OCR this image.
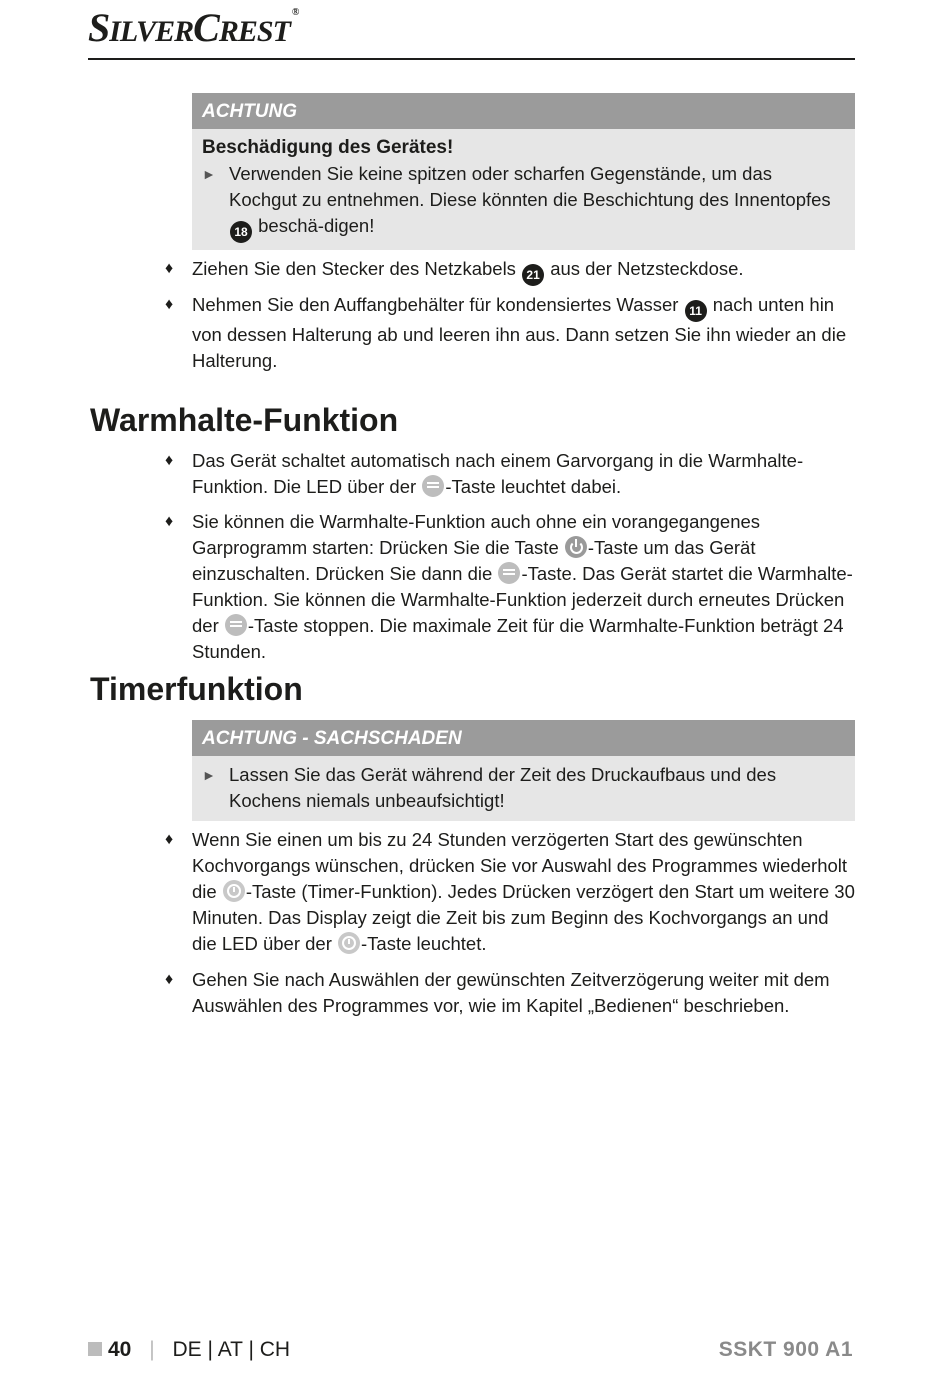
SILVERCREST®
ACHTUNG
Beschädigung des Gerätes!
► Verwenden Sie keine spitzen oder scharfen Gegenstände, um das Kochgut zu entnehmen. Diese könnten die Beschichtung des Innentopfes 18 beschä-digen!
♦	Ziehen Sie den Stecker des Netzkabels 21 aus der Netzsteckdose.
♦	Nehmen Sie den Auffangbehälter für kondensiertes Wasser 11 nach unten hin von dessen Halterung ab und leeren ihn aus. Dann setzen Sie ihn wieder an die Halterung.
Warmhalte-Funktion
♦	Das Gerät schaltet automatisch nach einem Garvorgang in die Warmhalte-Funktion. Die LED über der -Taste leuchtet dabei.
♦	Sie können die Warmhalte-Funktion auch ohne ein vorangegangenes Garprogramm starten: Drücken Sie die Taste -Taste um das Gerät einzuschalten. Drücken Sie dann die -Taste. Das Gerät startet die Warmhalte-Funktion. Sie können die Warmhalte-Funktion jederzeit durch erneutes Drücken der -Taste stoppen. Die maximale Zeit für die Warmhalte-Funktion beträgt 24 Stunden.
Timerfunktion
ACHTUNG - SACHSCHADEN
► Lassen Sie das Gerät während der Zeit des Druckaufbaus und des Kochens niemals unbeaufsichtigt!
♦	Wenn Sie einen um bis zu 24 Stunden verzögerten Start des gewünschten Kochvorgangs wünschen, drücken Sie vor Auswahl des Programmes wiederholt die -Taste (Timer-Funktion). Jedes Drücken verzögert den Start um weitere 30 Minuten. Das Display zeigt die Zeit bis zum Beginn des Kochvorgangs an und die LED über der -Taste leuchtet.
♦	Gehen Sie nach Auswählen der gewünschten Zeitverzögerung weiter mit dem Auswählen des Programmes vor, wie im Kapitel „Bedienen“ beschrieben.
40 | DE | AT | CH	SSKT 900 A1
